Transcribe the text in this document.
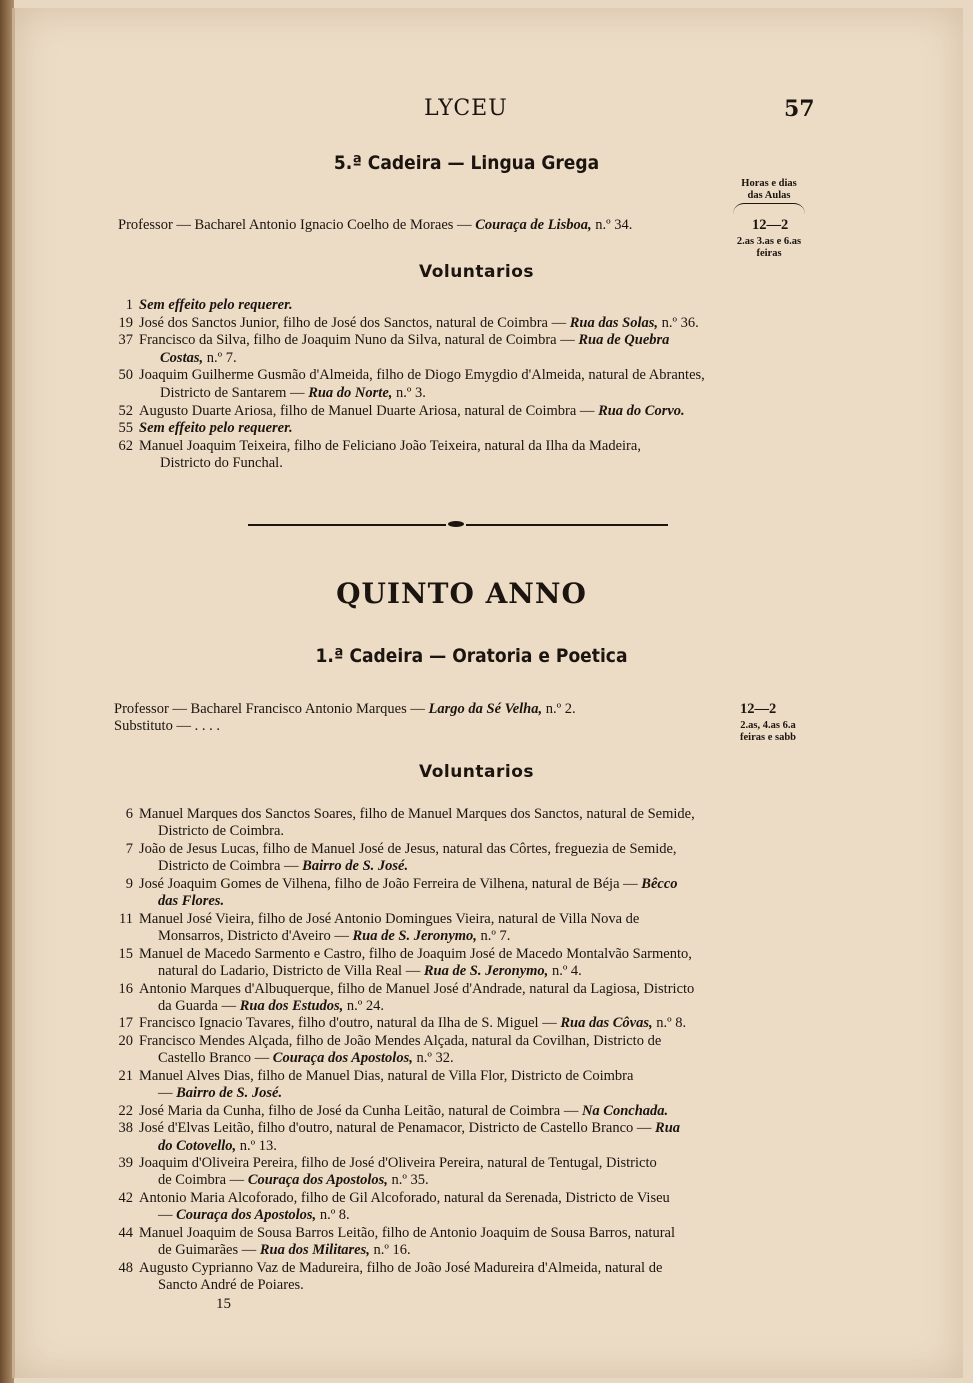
LYCEU	57
5.ª Cadeira — Lingua Grega
Horas e dias
das Aulas
Professor — Bacharel Antonio Ignacio Coelho de Moraes — Couraça de Lisboa, n.º 34.	12—2
2.as 3.as e 6.as
feiras
Voluntarios
1 Sem effeito pelo requerer.
19 José dos Sanctos Junior, filho de José dos Sanctos, natural de Coimbra — Rua das Solas, n.º 36.
37 Francisco da Silva, filho de Joaquim Nuno da Silva, natural de Coimbra — Rua de Quebra
Costas, n.º 7.
50 Joaquim Guilherme Gusmão d'Almeida, filho de Diogo Emygdio d'Almeida, natural de Abrantes,
Districto de Santarem — Rua do Norte, n.º 3.
52 Augusto Duarte Ariosa, filho de Manuel Duarte Ariosa, natural de Coimbra — Rua do Corvo.
55 Sem effeito pelo requerer.
62 Manuel Joaquim Teixeira, filho de Feliciano João Teixeira, natural da Ilha da Madeira,
Districto do Funchal.
QUINTO ANNO
1.ª Cadeira — Oratoria e Poetica
Professor — Bacharel Francisco Antonio Marques — Largo da Sé Velha, n.º 2.
Substituto — . . . .
12—2
2.as, 4.as 6.a
feiras e sabb
Voluntarios
6 Manuel Marques dos Sanctos Soares, filho de Manuel Marques dos Sanctos, natural de Semide,
Districto de Coimbra.
7 João de Jesus Lucas, filho de Manuel José de Jesus, natural das Côrtes, freguezia de Semide,
Districto de Coimbra — Bairro de S. José.
9 José Joaquim Gomes de Vilhena, filho de João Ferreira de Vilhena, natural de Béja — Bêcco
das Flores.
11 Manuel José Vieira, filho de José Antonio Domingues Vieira, natural de Villa Nova de
Monsarros, Districto d'Aveiro — Rua de S. Jeronymo, n.º 7.
15 Manuel de Macedo Sarmento e Castro, filho de Joaquim José de Macedo Montalvão Sarmento,
natural do Ladario, Districto de Villa Real — Rua de S. Jeronymo, n.º 4.
16 Antonio Marques d'Albuquerque, filho de Manuel José d'Andrade, natural da Lagiosa, Districto
da Guarda — Rua dos Estudos, n.º 24.
17 Francisco Ignacio Tavares, filho d'outro, natural da Ilha de S. Miguel — Rua das Côvas, n.º 8.
20 Francisco Mendes Alçada, filho de João Mendes Alçada, natural da Covilhan, Districto de
Castello Branco — Couraça dos Apostolos, n.º 32.
21 Manuel Alves Dias, filho de Manuel Dias, natural de Villa Flor, Districto de Coimbra
— Bairro de S. José.
22 José Maria da Cunha, filho de José da Cunha Leitão, natural de Coimbra — Na Conchada.
38 José d'Elvas Leitão, filho d'outro, natural de Penamacor, Districto de Castello Branco — Rua
do Cotovello, n.º 13.
39 Joaquim d'Oliveira Pereira, filho de José d'Oliveira Pereira, natural de Tentugal, Districto
de Coimbra — Couraça dos Apostolos, n.º 35.
42 Antonio Maria Alcoforado, filho de Gil Alcoforado, natural da Serenada, Districto de Viseu
— Couraça dos Apostolos, n.º 8.
44 Manuel Joaquim de Sousa Barros Leitão, filho de Antonio Joaquim de Sousa Barros, natural
de Guimarães — Rua dos Militares, n.º 16.
48 Augusto Cyprianno Vaz de Madureira, filho de João José Madureira d'Almeida, natural de
Sancto André de Poiares.
15
